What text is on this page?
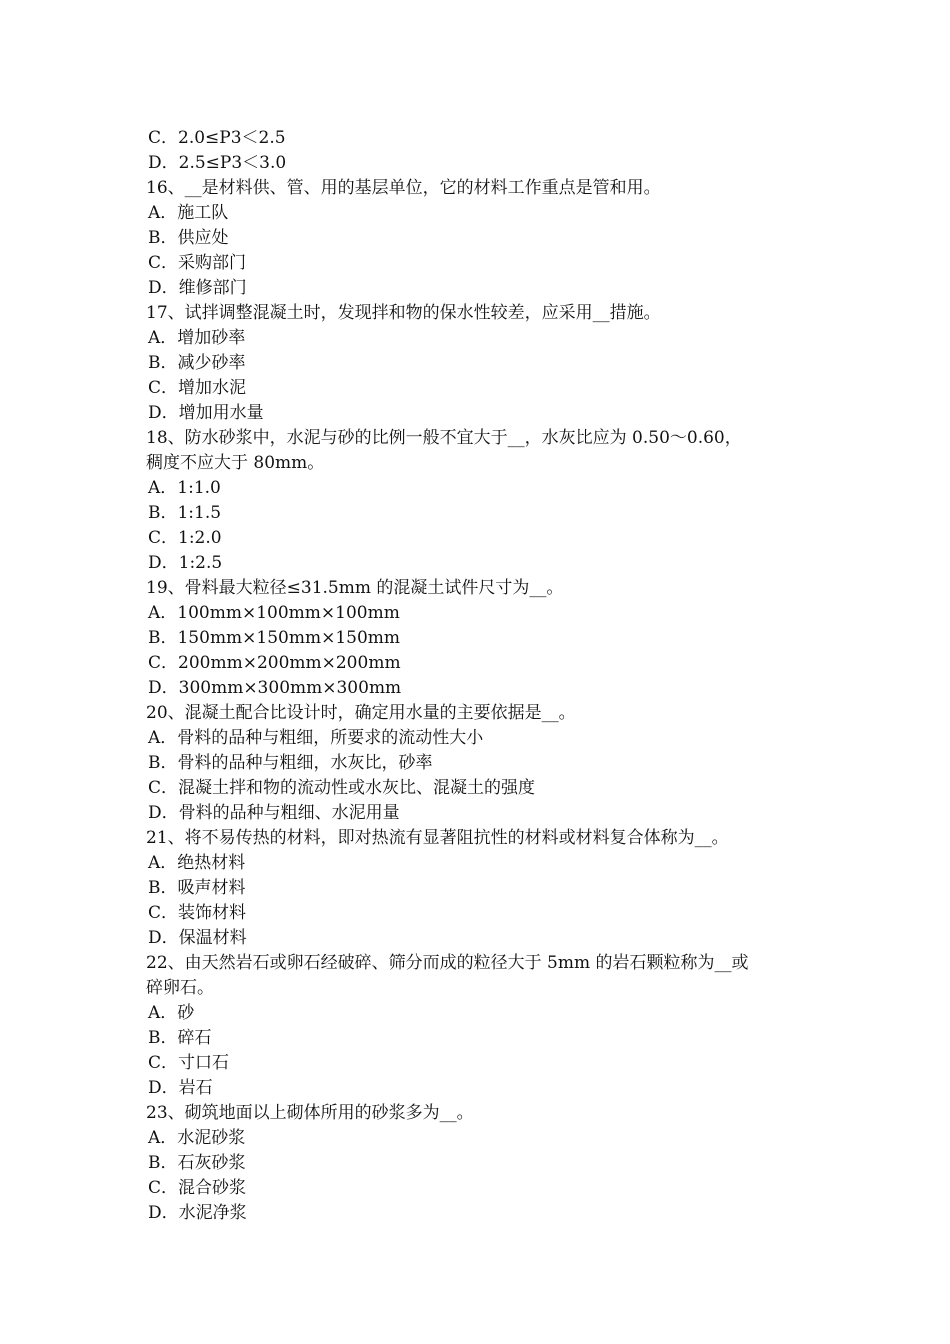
C．2.0≤P3＜2.5
D．2.5≤P3＜3.0
16、__是材料供、管、用的基层单位，它的材料工作重点是管和用。
A．施工队
B．供应处
C．采购部门
D．维修部门
17、试拌调整混凝土时，发现拌和物的保水性较差，应采用__措施。
A．增加砂率
B．减少砂率
C．增加水泥
D．增加用水量
18、防水砂浆中，水泥与砂的比例一般不宜大于__，水灰比应为 0.50～0.60，
稠度不应大于 80mm。
A．1:1.0
B．1:1.5
C．1:2.0
D．1:2.5
19、骨料最大粒径≤31.5mm 的混凝土试件尺寸为__。
A．100mm×100mm×100mm
B．150mm×150mm×150mm
C．200mm×200mm×200mm
D．300mm×300mm×300mm
20、混凝土配合比设计时，确定用水量的主要依据是__。
A．骨料的品种与粗细，所要求的流动性大小
B．骨料的品种与粗细，水灰比，砂率
C．混凝土拌和物的流动性或水灰比、混凝土的强度
D．骨料的品种与粗细、水泥用量
21、将不易传热的材料，即对热流有显著阻抗性的材料或材料复合体称为__。
A．绝热材料
B．吸声材料
C．装饰材料
D．保温材料
22、由天然岩石或卵石经破碎、筛分而成的粒径大于 5mm 的岩石颗粒称为__或
碎卵石。
A．砂
B．碎石
C．寸口石
D．岩石
23、砌筑地面以上砌体所用的砂浆多为__。
A．水泥砂浆
B．石灰砂浆
C．混合砂浆
D．水泥净浆
